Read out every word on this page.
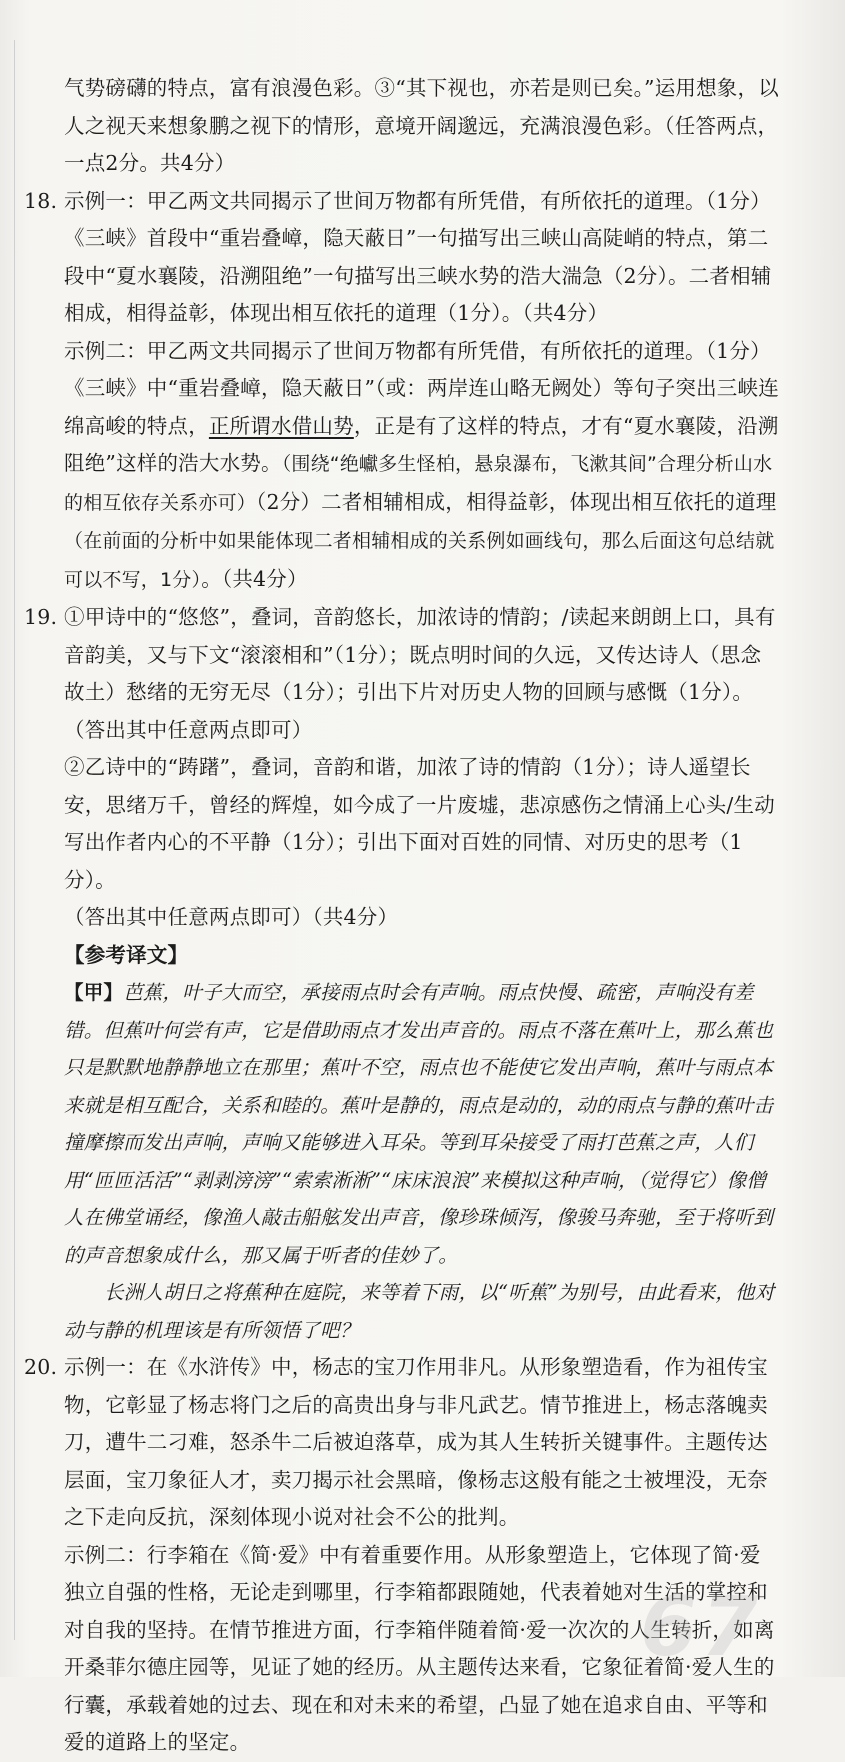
气势磅礴的特点，富有浪漫色彩。③“其下视也，亦若是则已矣。”运用想象，以人之视天来想象鹏之视下的情形，意境开阔邈远，充满浪漫色彩。（任答两点，一点2分。共4分）

18. 示例一：甲乙两文共同揭示了世间万物都有所凭借，有所依托的道理。（1分）《三峡》首段中“重岩叠嶂，隐天蔽日”一句描写出三峡山高陡峭的特点，第二段中“夏水襄陵，沿溯阻绝”一句描写出三峡水势的浩大湍急（2分）。二者相辅相成，相得益彰，体现出相互依托的道理（1分）。（共4分）

示例二：甲乙两文共同揭示了世间万物都有所凭借，有所依托的道理。（1分）《三峡》中“重岩叠嶂，隐天蔽日”（或：两岸连山略无阙处）等句子突出三峡连绵高峻的特点，正所谓水借山势，正是有了这样的特点，才有“夏水襄陵，沿溯阻绝”这样的浩大水势。（围绕“绝巘多生怪柏，悬泉瀑布，飞漱其间”合理分析山水的相互依存关系亦可）（2分）二者相辅相成，相得益彰，体现出相互依托的道理（在前面的分析中如果能体现二者相辅相成的关系例如画线句，那么后面这句总结就可以不写，1分）。（共4分）

19. ①甲诗中的“悠悠”，叠词，音韵悠长，加浓诗的情韵；/读起来朗朗上口，具有音韵美，又与下文“滚滚相和”（1分）；既点明时间的久远，又传达诗人（思念故土）愁绪的无穷无尽（1分）；引出下片对历史人物的回顾与感慨（1分）。

（答出其中任意两点即可）

②乙诗中的“踌躇”，叠词，音韵和谐，加浓了诗的情韵（1分）；诗人遥望长安，思绪万千，曾经的辉煌，如今成了一片废墟，悲凉感伤之情涌上心头/生动写出作者内心的不平静（1分）；引出下面对百姓的同情、对历史的思考（1分）。

（答出其中任意两点即可）（共4分）

【参考译文】

【甲】芭蕉，叶子大而空，承接雨点时会有声响。雨点快慢、疏密，声响没有差错。但蕉叶何尝有声，它是借助雨点才发出声音的。雨点不落在蕉叶上，那么蕉也只是默默地静静地立在那里；蕉叶不空，雨点也不能使它发出声响，蕉叶与雨点本来就是相互配合，关系和睦的。蕉叶是静的，雨点是动的，动的雨点与静的蕉叶击撞摩擦而发出声响，声响又能够进入耳朵。等到耳朵接受了雨打芭蕉之声，人们用“匝匝活活”“剥剥滂滂”“索索淅淅”“床床浪浪”来模拟这种声响，（觉得它）像僧人在佛堂诵经，像渔人敲击船舷发出声音，像珍珠倾泻，像骏马奔驰，至于将听到的声音想象成什么，那又属于听者的佳妙了。

长洲人胡日之将蕉种在庭院，来等着下雨，以“听蕉”为别号，由此看来，他对动与静的机理该是有所领悟了吧？

20. 示例一：在《水浒传》中，杨志的宝刀作用非凡。从形象塑造看，作为祖传宝物，它彰显了杨志将门之后的高贵出身与非凡武艺。情节推进上，杨志落魄卖刀，遭牛二刁难，怒杀牛二后被迫落草，成为其人生转折关键事件。主题传达层面，宝刀象征人才，卖刀揭示社会黑暗，像杨志这般有能之士被埋没，无奈之下走向反抗，深刻体现小说对社会不公的批判。

示例二：行李箱在《简·爱》中有着重要作用。从形象塑造上，它体现了简·爱独立自强的性格，无论走到哪里，行李箱都跟随她，代表着她对生活的掌控和对自我的坚持。在情节推进方面，行李箱伴随着简·爱一次次的人生转折，如离开桑菲尔德庄园等，见证了她的经历。从主题传达来看，它象征着简·爱人生的行囊，承载着她的过去、现在和对未来的希望，凸显了她在追求自由、平等和爱的道路上的坚定。

67
